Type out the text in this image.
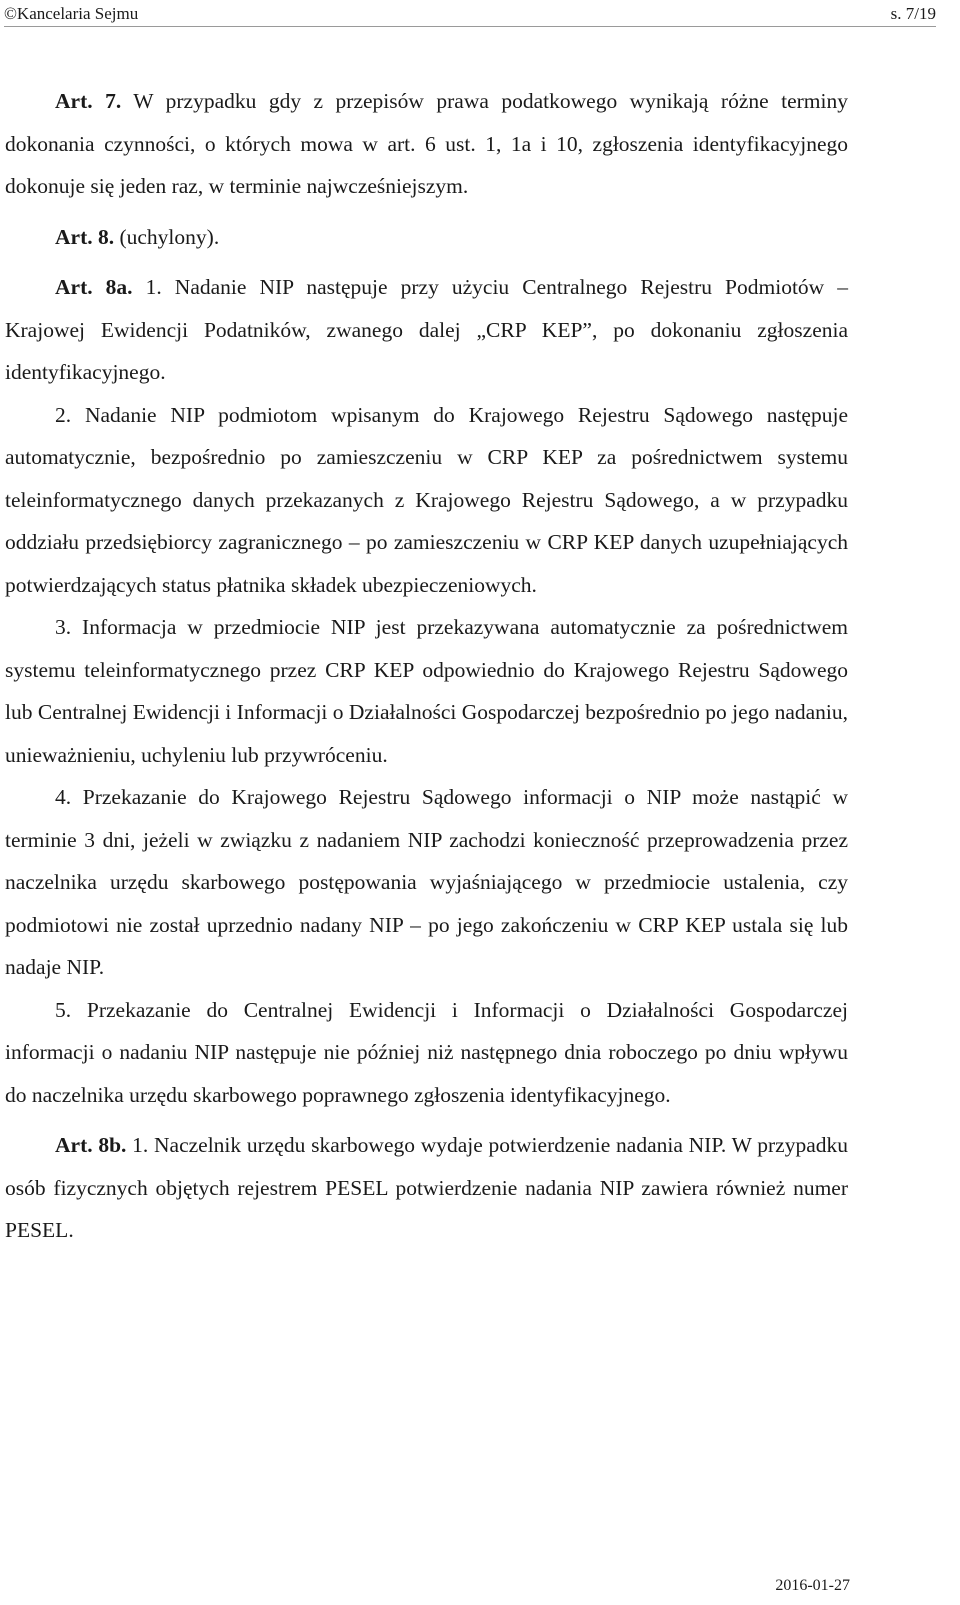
©Kancelaria Sejmu	s. 7/19

Art. 7. W przypadku gdy z przepisów prawa podatkowego wynikają różne terminy dokonania czynności, o których mowa w art. 6 ust. 1, 1a i 10, zgłoszenia identyfikacyjnego dokonuje się jeden raz, w terminie najwcześniejszym.

Art. 8. (uchylony).

Art. 8a. 1. Nadanie NIP następuje przy użyciu Centralnego Rejestru Podmiotów – Krajowej Ewidencji Podatników, zwanego dalej „CRP KEP”, po dokonaniu zgłoszenia identyfikacyjnego.

2. Nadanie NIP podmiotom wpisanym do Krajowego Rejestru Sądowego następuje automatycznie, bezpośrednio po zamieszczeniu w CRP KEP za pośrednictwem systemu teleinformatycznego danych przekazanych z Krajowego Rejestru Sądowego, a w przypadku oddziału przedsiębiorcy zagranicznego – po zamieszczeniu w CRP KEP danych uzupełniających potwierdzających status płatnika składek ubezpieczeniowych.

3. Informacja w przedmiocie NIP jest przekazywana automatycznie za pośrednictwem systemu teleinformatycznego przez CRP KEP odpowiednio do Krajowego Rejestru Sądowego lub Centralnej Ewidencji i Informacji o Działalności Gospodarczej bezpośrednio po jego nadaniu, unieważnieniu, uchyleniu lub przywróceniu.

4. Przekazanie do Krajowego Rejestru Sądowego informacji o NIP może nastąpić w terminie 3 dni, jeżeli w związku z nadaniem NIP zachodzi konieczność przeprowadzenia przez naczelnika urzędu skarbowego postępowania wyjaśniającego w przedmiocie ustalenia, czy podmiotowi nie został uprzednio nadany NIP – po jego zakończeniu w CRP KEP ustala się lub nadaje NIP.

5. Przekazanie do Centralnej Ewidencji i Informacji o Działalności Gospodarczej informacji o nadaniu NIP następuje nie później niż następnego dnia roboczego po dniu wpływu do naczelnika urzędu skarbowego poprawnego zgłoszenia identyfikacyjnego.

Art. 8b. 1. Naczelnik urzędu skarbowego wydaje potwierdzenie nadania NIP. W przypadku osób fizycznych objętych rejestrem PESEL potwierdzenie nadania NIP zawiera również numer PESEL.

2016-01-27
